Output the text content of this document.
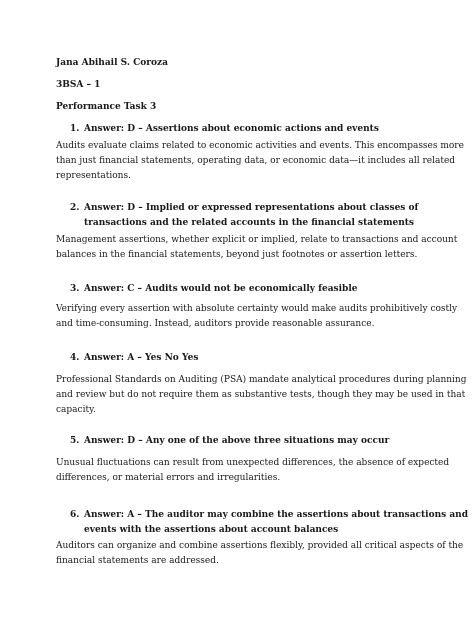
Jana Abihail S. Coroza
3BSA – 1
Performance Task 3
1. Answer: D – Assertions about economic actions and events
Audits evaluate claims related to economic activities and events. This encompasses more
than just financial statements, operating data, or economic data—it includes all related
representations.
2. Answer: D – Implied or expressed representations about classes of
transactions and the related accounts in the financial statements
Management assertions, whether explicit or implied, relate to transactions and account
balances in the financial statements, beyond just footnotes or assertion letters.
3. Answer: C – Audits would not be economically feasible
Verifying every assertion with absolute certainty would make audits prohibitively costly
and time-consuming. Instead, auditors provide reasonable assurance.
4. Answer: A – Yes No Yes
Professional Standards on Auditing (PSA) mandate analytical procedures during planning
and review but do not require them as substantive tests, though they may be used in that
capacity.
5. Answer: D – Any one of the above three situations may occur
Unusual fluctuations can result from unexpected differences, the absence of expected
differences, or material errors and irregularities.
6. Answer: A – The auditor may combine the assertions about transactions and
events with the assertions about account balances
Auditors can organize and combine assertions flexibly, provided all critical aspects of the
financial statements are addressed.
